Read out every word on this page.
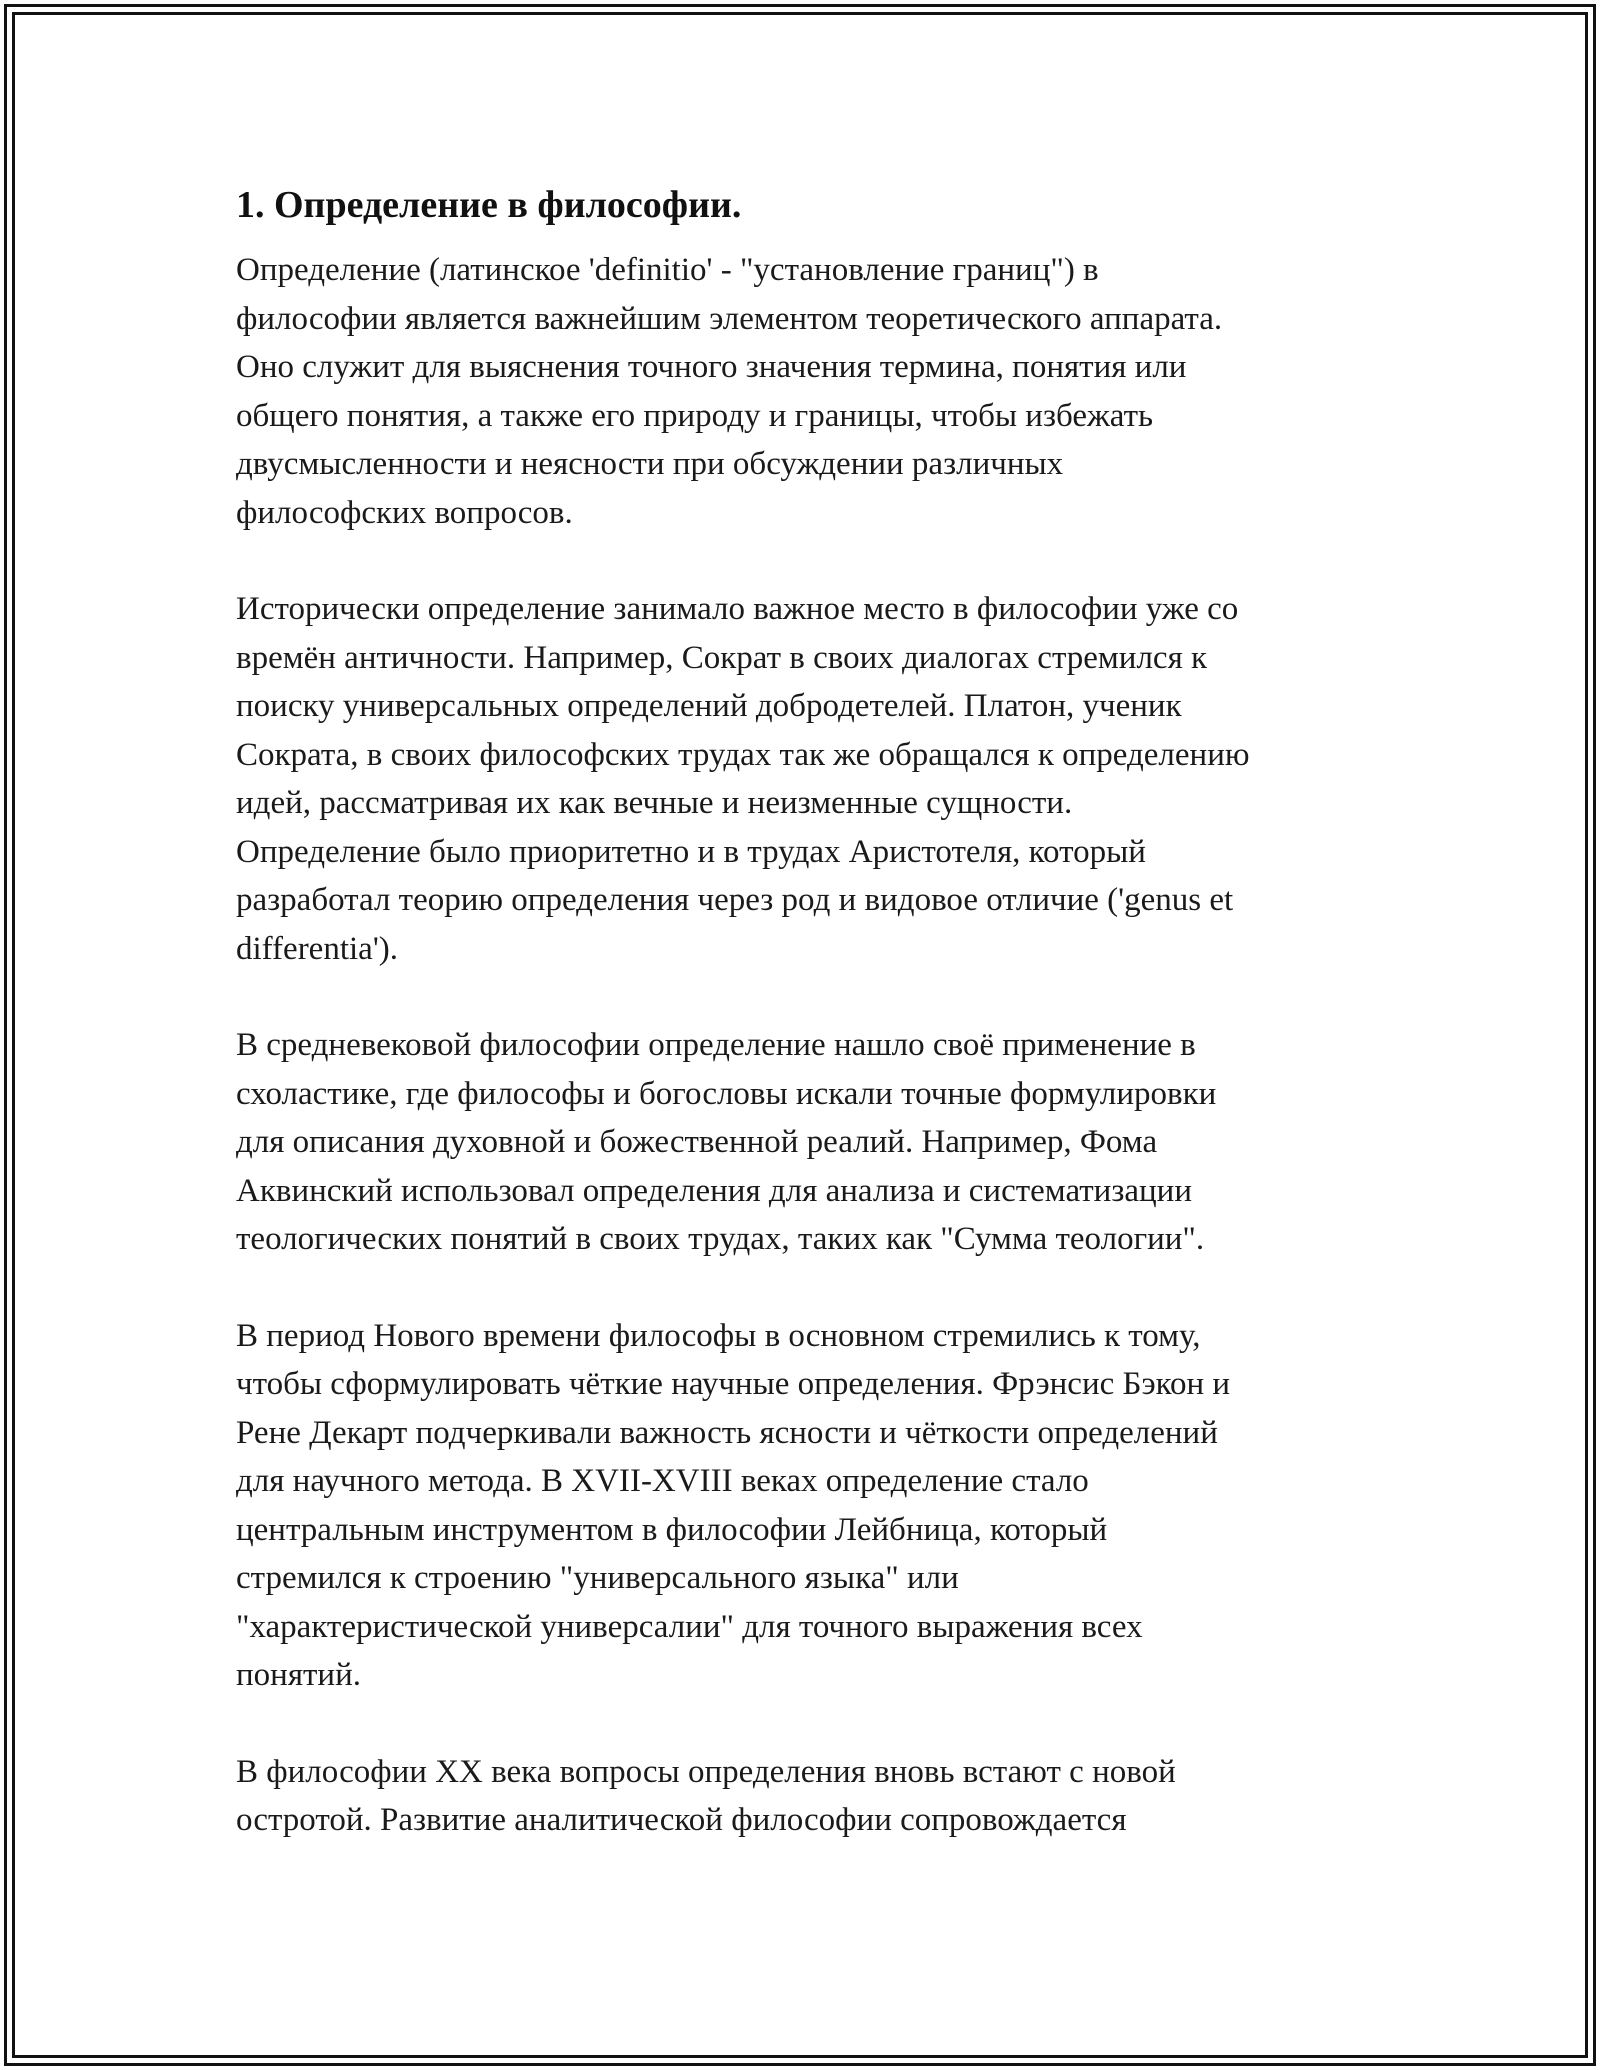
1. Определение в философии.

Определение (латинское 'definitio' - "установление границ") в
философии является важнейшим элементом теоретического аппарата.
Оно служит для выяснения точного значения термина, понятия или
общего понятия, а также его природу и границы, чтобы избежать
двусмысленности и неясности при обсуждении различных
философских вопросов.

Исторически определение занимало важное место в философии уже со
времён античности. Например, Сократ в своих диалогах стремился к
поиску универсальных определений добродетелей. Платон, ученик
Сократа, в своих философских трудах так же обращался к определению
идей, рассматривая их как вечные и неизменные сущности.
Определение было приоритетно и в трудах Аристотеля, который
разработал теорию определения через род и видовое отличие ('genus et
differentia').

В средневековой философии определение нашло своё применение в
схоластике, где философы и богословы искали точные формулировки
для описания духовной и божественной реалий. Например, Фома
Аквинский использовал определения для анализа и систематизации
теологических понятий в своих трудах, таких как "Сумма теологии".

В период Нового времени философы в основном стремились к тому,
чтобы сформулировать чёткие научные определения. Фрэнсис Бэкон и
Рене Декарт подчеркивали важность ясности и чёткости определений
для научного метода. В XVII-XVIII веках определение стало
центральным инструментом в философии Лейбница, который
стремился к строению "универсального языка" или
"характеристической универсалии" для точного выражения всех
понятий.

В философии XX века вопросы определения вновь встают с новой
остротой. Развитие аналитической философии сопровождается
